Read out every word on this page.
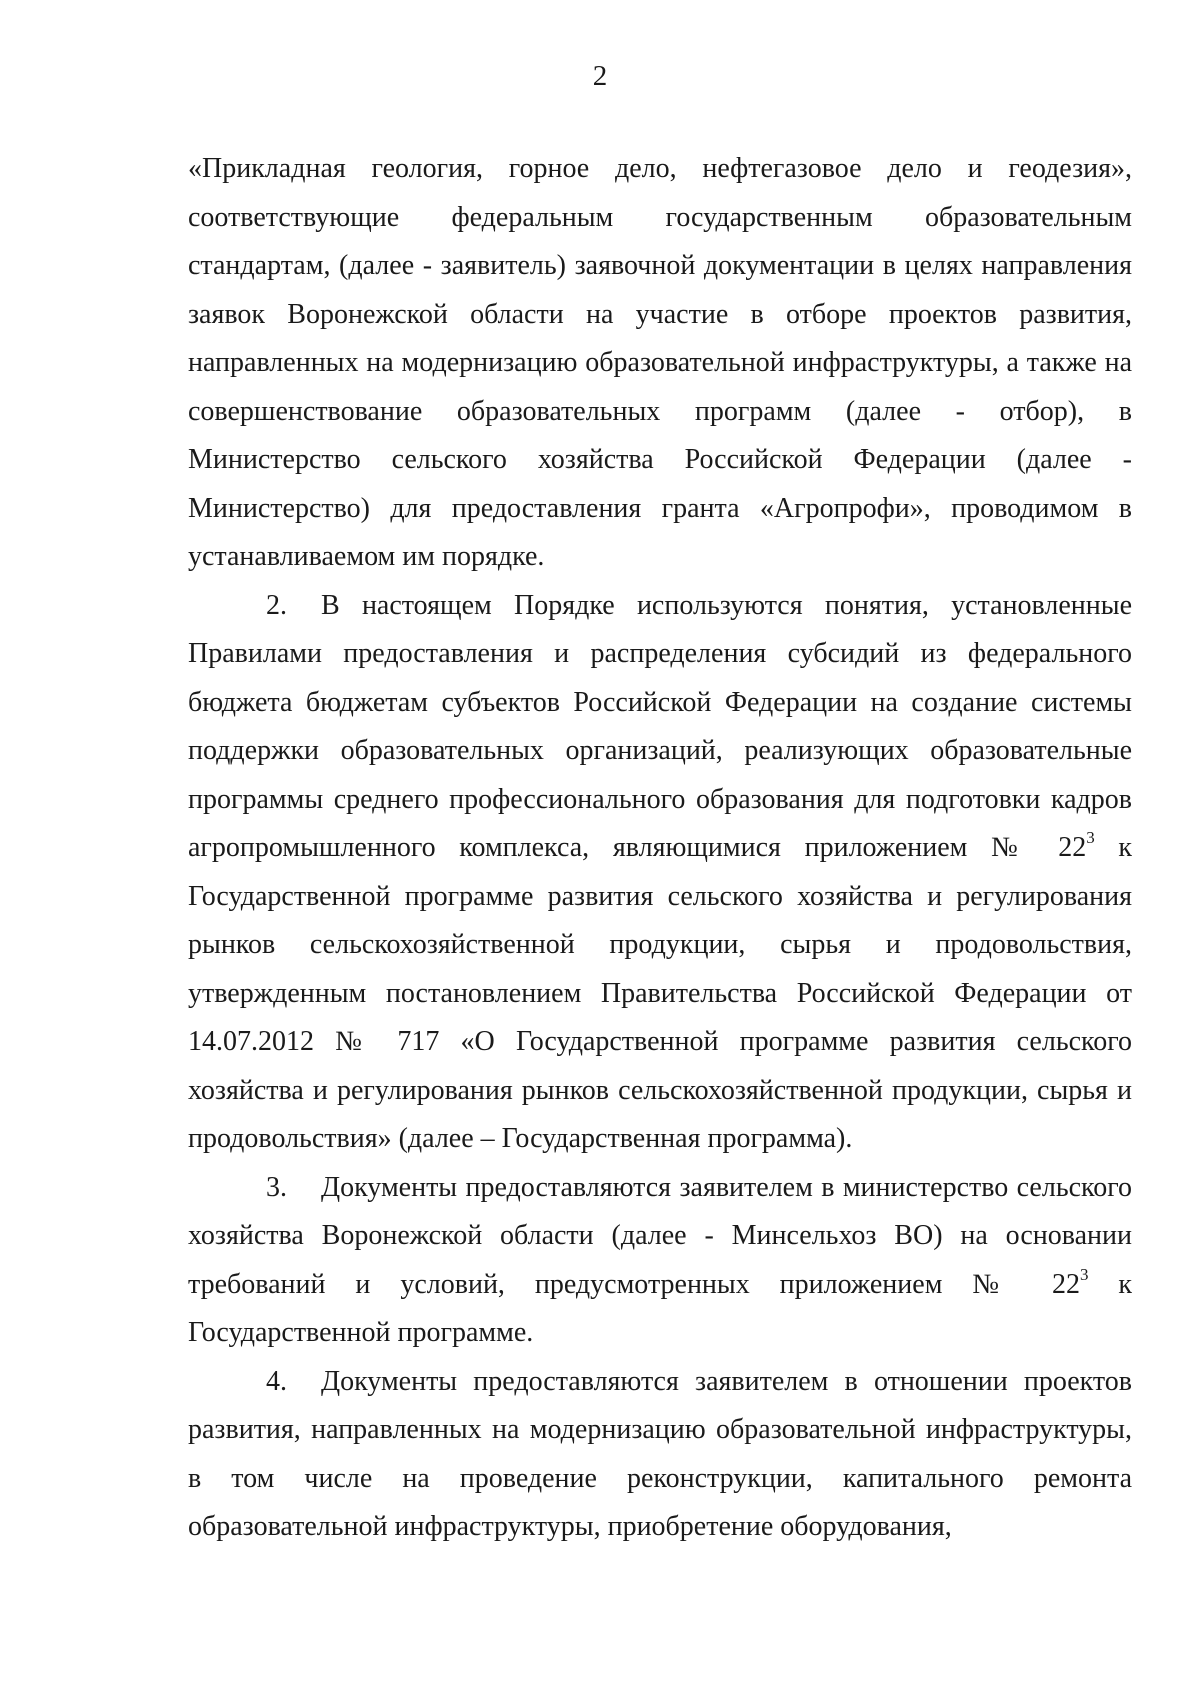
2

«Прикладная геология, горное дело, нефтегазовое дело и геодезия», соответствующие федеральным государственным образовательным стандартам, (далее - заявитель) заявочной документации в целях направления заявок Воронежской области на участие в отборе проектов развития, направленных на модернизацию образовательной инфраструктуры, а также на совершенствование образовательных программ (далее - отбор), в Министерство сельского хозяйства Российской Федерации (далее - Министерство) для предоставления гранта «Агропрофи», проводимом в устанавливаемом им порядке.

2. В настоящем Порядке используются понятия, установленные Правилами предоставления и распределения субсидий из федерального бюджета бюджетам субъектов Российской Федерации на создание системы поддержки образовательных организаций, реализующих образовательные программы среднего профессионального образования для подготовки кадров агропромышленного комплекса, являющимися приложением № $22^3$ к Государственной программе развития сельского хозяйства и регулирования рынков сельскохозяйственной продукции, сырья и продовольствия, утвержденным постановлением Правительства Российской Федерации от 14.07.2012 № 717 «О Государственной программе развития сельского хозяйства и регулирования рынков сельскохозяйственной продукции, сырья и продовольствия» (далее – Государственная программа).

3. Документы предоставляются заявителем в министерство сельского хозяйства Воронежской области (далее - Минсельхоз ВО) на основании требований и условий, предусмотренных приложением № $22^3$ к Государственной программе.

4. Документы предоставляются заявителем в отношении проектов развития, направленных на модернизацию образовательной инфраструктуры, в том числе на проведение реконструкции, капитального ремонта образовательной инфраструктуры, приобретение оборудования,
